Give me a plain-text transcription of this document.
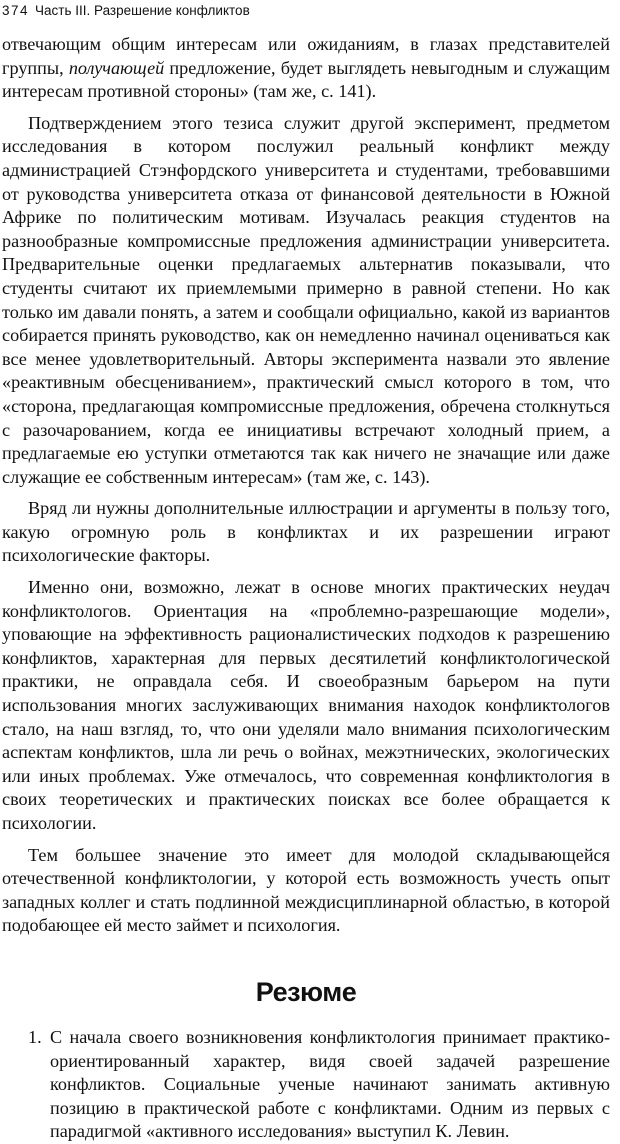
374 Часть III. Разрешение конфликтов

отвечающим общим интересам или ожиданиям, в глазах представителей группы, получающей предложение, будет выглядеть невыгодным и служащим интересам противной стороны» (там же, с. 141).

Подтверждением этого тезиса служит другой эксперимент, предметом исследования в котором послужил реальный конфликт между администрацией Стэнфордского университета и студентами, требовавшими от руководства университета отказа от финансовой деятельности в Южной Африке по политическим мотивам. Изучалась реакция студентов на разнообразные компромиссные предложения администрации университета. Предварительные оценки предлагаемых альтернатив показывали, что студенты считают их приемлемыми примерно в равной степени. Но как только им давали понять, а затем и сообщали официально, какой из вариантов собирается принять руководство, как он немедленно начинал оцениваться как все менее удовлетворительный. Авторы эксперимента назвали это явление «реактивным обесцениванием», практический смысл которого в том, что «сторона, предлагающая компромиссные предложения, обречена столкнуться с разочарованием, когда ее инициативы встречают холодный прием, а предлагаемые ею уступки отметаются так как ничего не значащие или даже служащие ее собственным интересам» (там же, с. 143).

Вряд ли нужны дополнительные иллюстрации и аргументы в пользу того, какую огромную роль в конфликтах и их разрешении играют психологические факторы.

Именно они, возможно, лежат в основе многих практических неудач конфликтологов. Ориентация на «проблемно-разрешающие модели», уповающие на эффективность рационалистических подходов к разрешению конфликтов, характерная для первых десятилетий конфликтологической практики, не оправдала себя. И своеобразным барьером на пути использования многих заслуживающих внимания находок конфликтологов стало, на наш взгляд, то, что они уделяли мало внимания психологическим аспектам конфликтов, шла ли речь о войнах, межэтнических, экологических или иных проблемах. Уже отмечалось, что современная конфликтология в своих теоретических и практических поисках все более обращается к психологии.

Тем большее значение это имеет для молодой складывающейся отечественной конфликтологии, у которой есть возможность учесть опыт западных коллег и стать подлинной междисциплинарной областью, в которой подобающее ей место займет и психология.

Резюме
1. С начала своего возникновения конфликтология принимает практико-ориентированный характер, видя своей задачей разрешение конфликтов. Социальные ученые начинают занимать активную позицию в практической работе с конфликтами. Одним из первых с парадигмой «активного исследования» выступил К. Левин.
